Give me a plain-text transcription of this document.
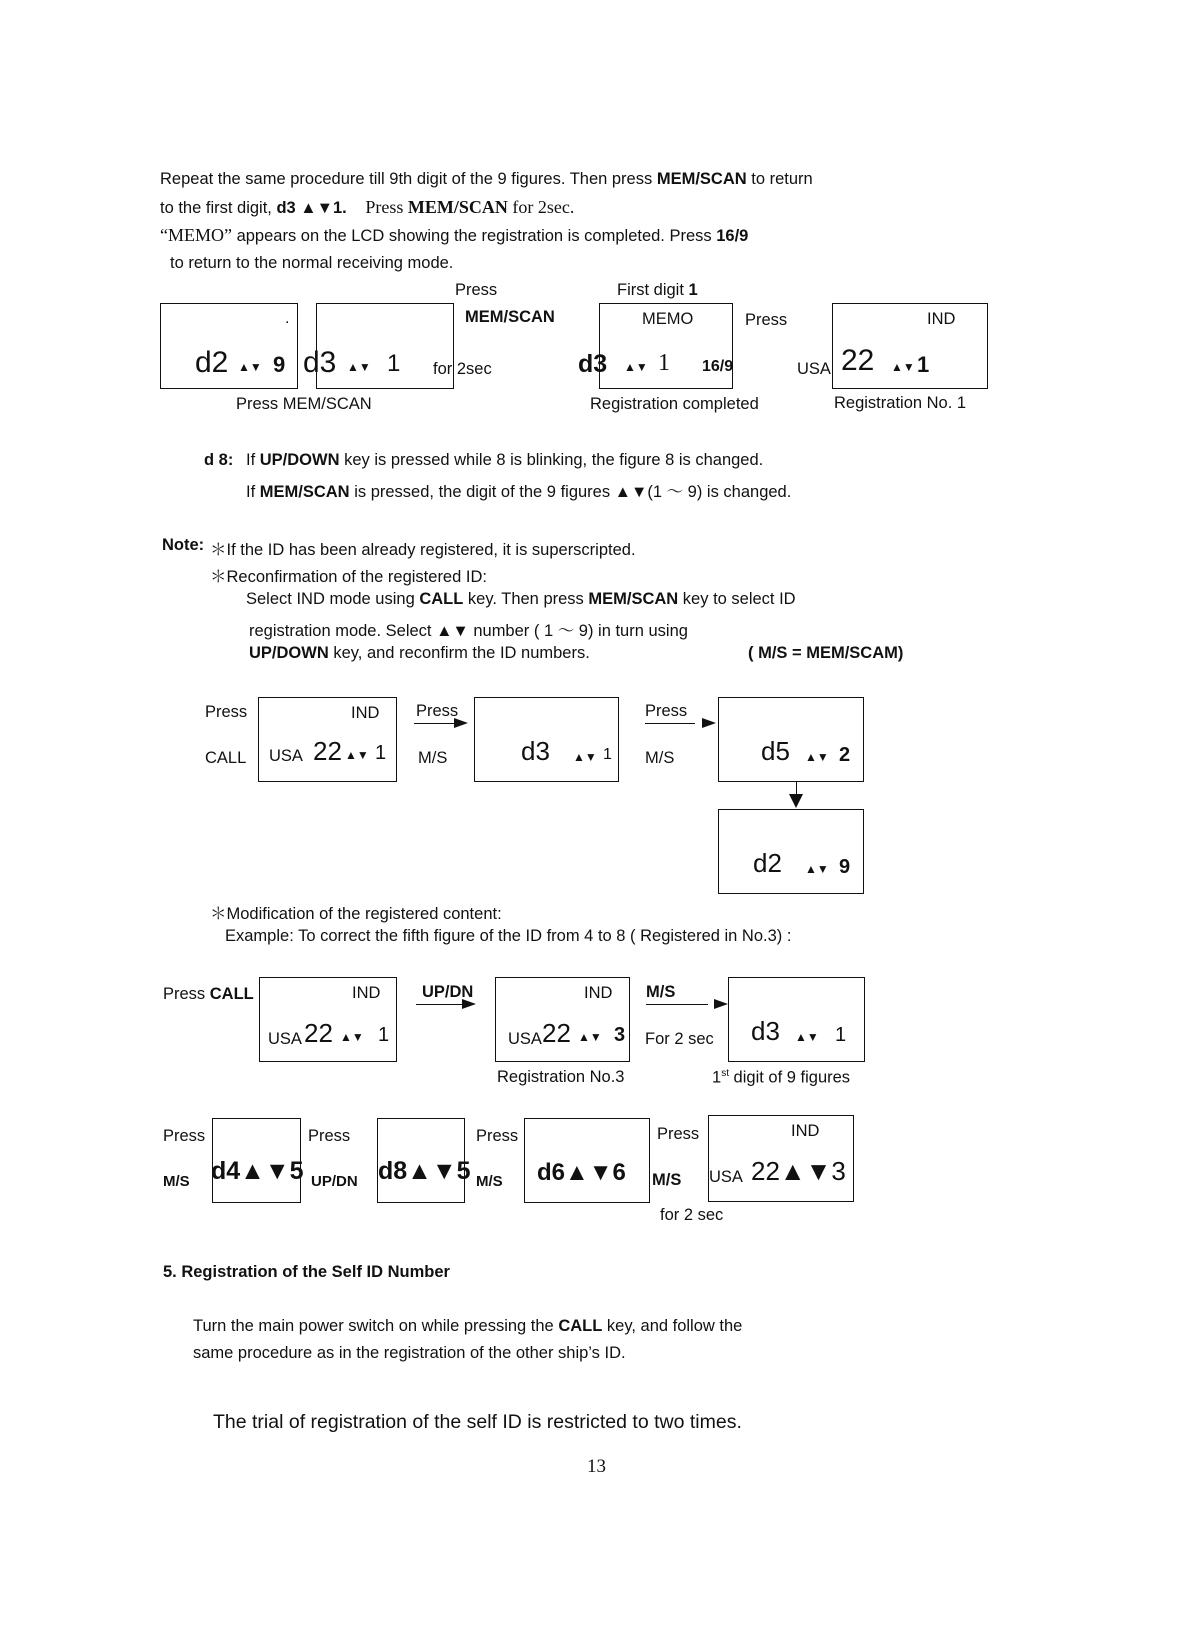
Repeat the same procedure till 9th digit of the 9 figures. Then press MEM/SCAN to return
to the first digit, d3 ▲▼1. Press MEM/SCAN for 2sec.
“MEMO” appears on the LCD showing the registration is completed. Press 16/9
to return to the normal receiving mode.
Press
MEM/SCAN
.
d2 ▲▼ 9 d3 ▲▼ 1 for 2sec
Press MEM/SCAN
First digit 1
MEMO
d3 ▲▼ 1 16/9
Registration completed
Press	IND
USA 22 ▲▼ 1
Registration No. 1
d 8: If UP/DOWN key is pressed while 8 is blinking, the figure 8 is changed.
If MEM/SCAN is pressed, the digit of the 9 figures ▲▼(1 〜 9) is changed.
Note: ＊If the ID has been already registered, it is superscripted.
＊Reconfirmation of the registered ID:
Select IND mode using CALL key. Then press MEM/SCAN key to select ID
registration mode. Select ▲▼ number ( 1 〜 9) in turn using
UP/DOWN key, and reconfirm the ID numbers.	( M/S = MEM/SCAM)
Press
CALL
IND
USA 22 ▲▼ 1
Press
M/S	d3 ▲▼ 1
Press
M/S	d5 ▲▼ 2
d2 ▲▼ 9
＊Modification of the registered content:
Example: To correct the fifth figure of the ID from 4 to 8 ( Registered in No.3) :
Press CALL	IND
USA 22 ▲▼ 1
UP/DN	IND
USA 22 ▲▼ 3
Registration No.3
M/S
For 2 sec d3 ▲▼ 1
1st digit of 9 figures
Press
M/S d4▲▼5
Press
UP/DN d8▲▼5
Press
M/S d6▲▼6
Press
M/S
IND
USA 22▲▼3
for 2 sec
5. Registration of the Self ID Number
Turn the main power switch on while pressing the CALL key, and follow the
same procedure as in the registration of the other ship’s ID.
The trial of registration of the self ID is restricted to two times.
13
